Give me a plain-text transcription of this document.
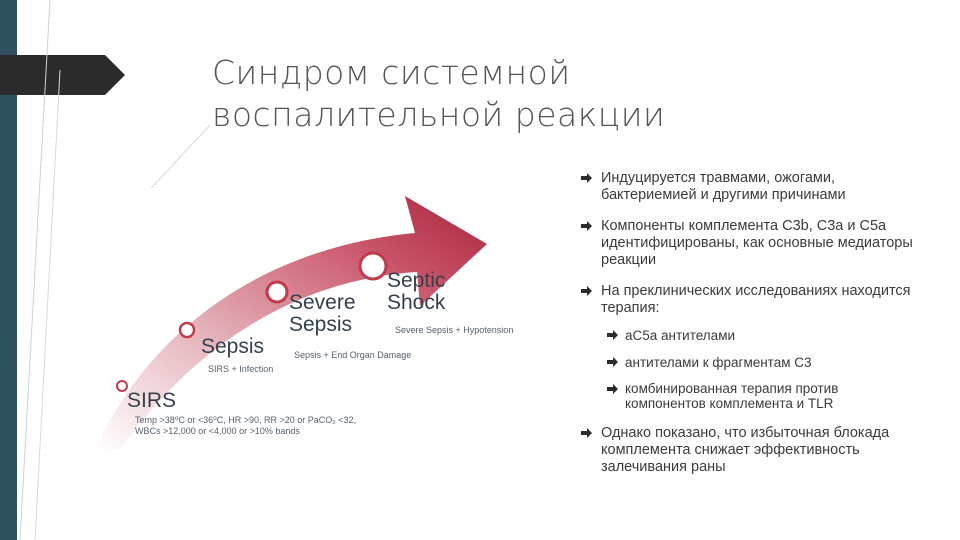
Синдром системной
воспалительной реакции
SIRS
Temp >38⁰C or <36⁰C, HR >90, RR >20 or PaCO₂ <32,
WBCs >12,000 or <4,000 or >10% bands
Sepsis
SIRS + Infection
Severe
Sepsis
Sepsis + End Organ Damage
Septic
Shock
Severe Sepsis + Hypotension
Индуцируется травмами, ожогами, бактериемией и другими причинами
Компоненты комплемента С3b, C3a и С5а идентифицированы, как основные медиаторы реакции
На преклинических исследованиях находится терапия:
аС5а антителами
антителами к фрагментам С3
комбинированная терапия против компонентов комплемента и TLR
Однако показано, что избыточная блокада комплемента снижает эффективность залечивания раны
